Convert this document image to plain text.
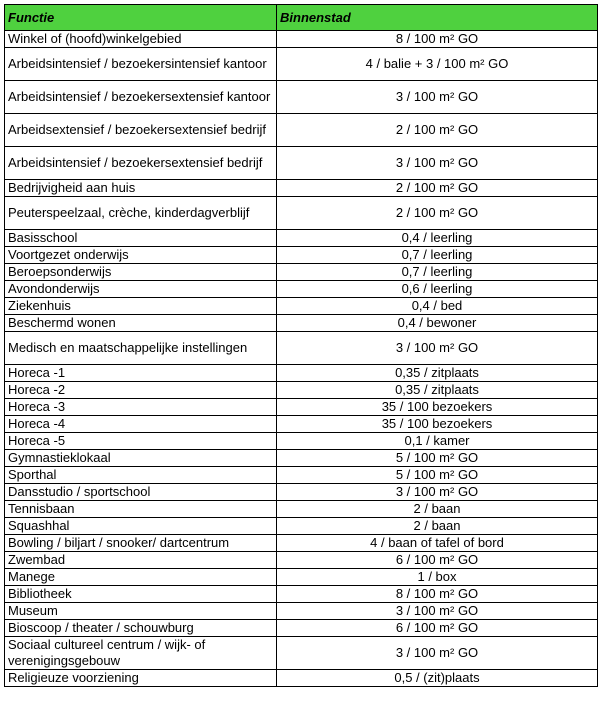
Functie	Binnenstad
Winkel of (hoofd)winkelgebied	8 / 100 m² GO
Arbeidsintensief / bezoekersintensief kantoor	4 / balie + 3 / 100 m² GO
Arbeidsintensief / bezoekersextensief kantoor	3 / 100 m² GO
Arbeidsextensief / bezoekersextensief bedrijf	2 / 100 m² GO
Arbeidsintensief / bezoekersextensief bedrijf	3 / 100 m² GO
Bedrijvigheid aan huis	2 / 100 m² GO
Peuterspeelzaal, crèche, kinderdagverblijf	2 / 100 m² GO
Basisschool	0,4 / leerling
Voortgezet onderwijs	0,7 / leerling
Beroepsonderwijs	0,7 / leerling
Avondonderwijs	0,6 / leerling
Ziekenhuis	0,4 / bed
Beschermd wonen	0,4 / bewoner
Medisch en maatschappelijke instellingen	3 / 100 m² GO
Horeca -1	0,35 / zitplaats
Horeca -2	0,35 / zitplaats
Horeca -3	35 / 100 bezoekers
Horeca -4	35 / 100 bezoekers
Horeca -5	0,1 / kamer
Gymnastieklokaal	5 / 100 m² GO
Sporthal	5 / 100 m² GO
Dansstudio / sportschool	3 / 100 m² GO
Tennisbaan	2 / baan
Squashhal	2 / baan
Bowling / biljart / snooker/ dartcentrum	4 / baan of tafel of bord
Zwembad	6 / 100 m² GO
Manege	1 / box
Bibliotheek	8 / 100 m² GO
Museum	3 / 100 m² GO
Bioscoop / theater / schouwburg	6 / 100 m² GO
Sociaal cultureel centrum / wijk- of verenigingsgebouw	3 / 100 m² GO
Religieuze voorziening	0,5 / (zit)plaats
